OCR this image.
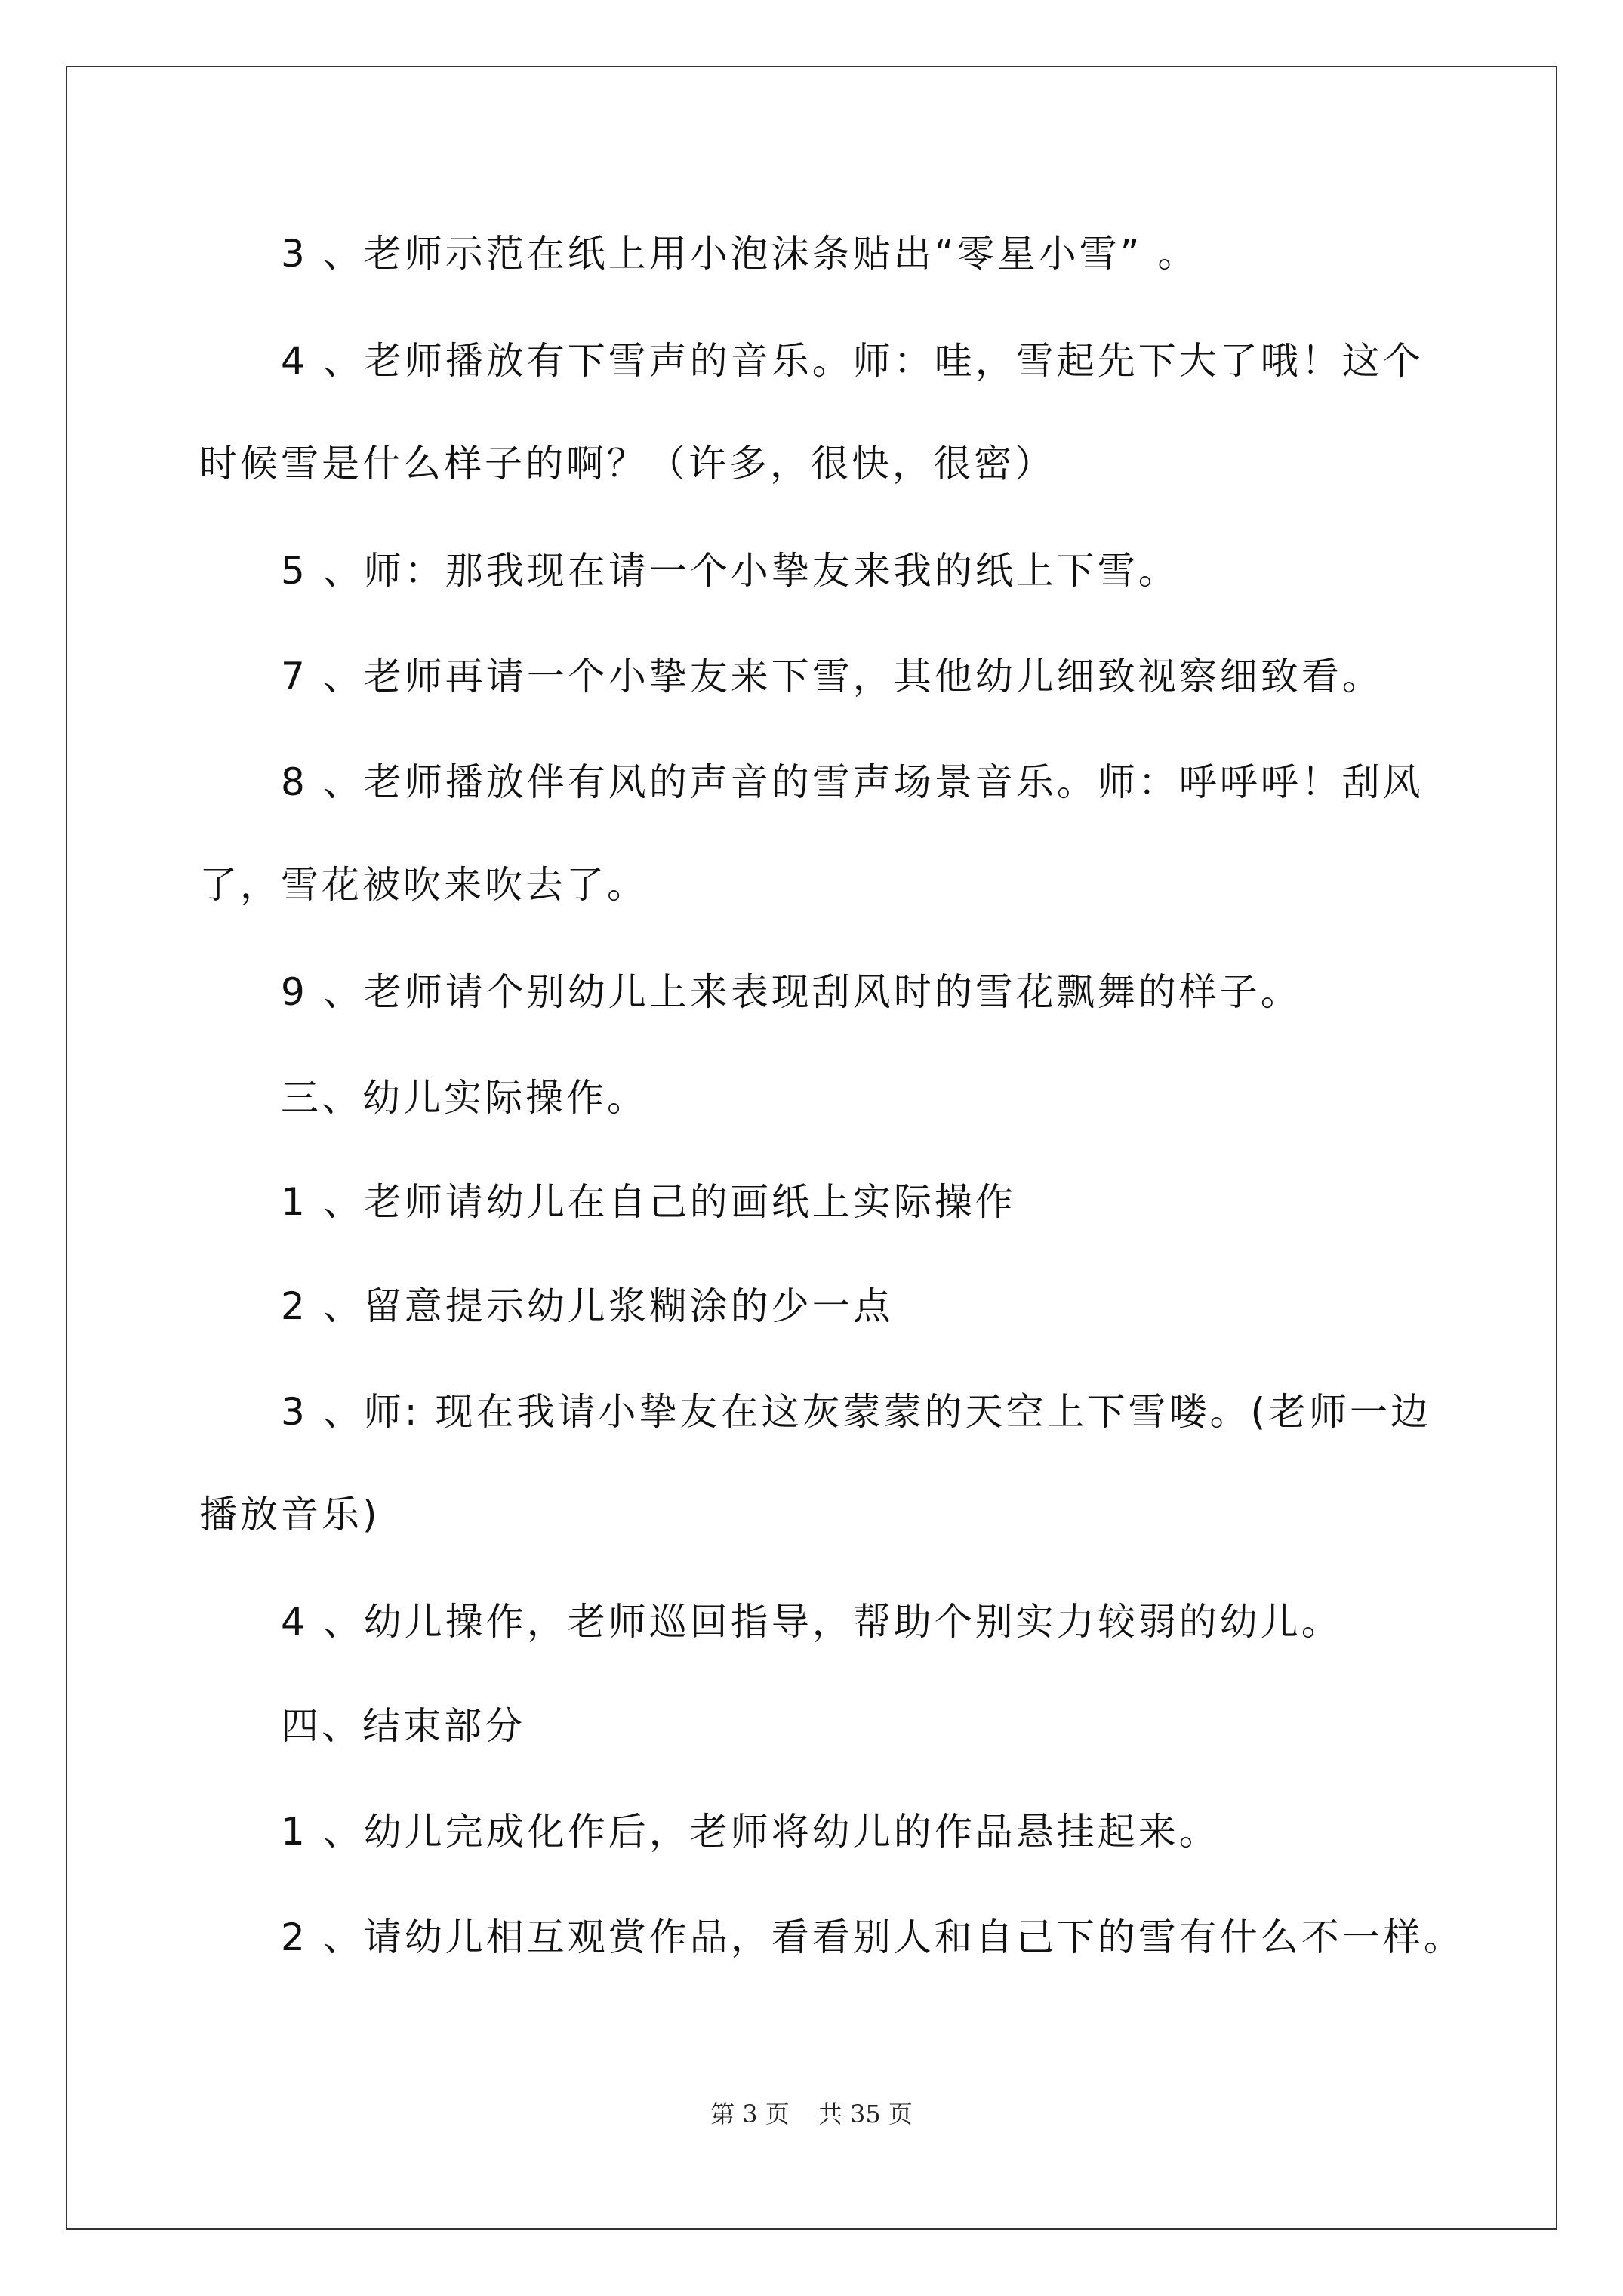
3 、老师示范在纸上用小泡沫条贴出“零星小雪” 。
4 、老师播放有下雪声的音乐。师：哇，雪起先下大了哦！这个
时候雪是什么样子的啊？（许多，很快，很密）
5 、师：那我现在请一个小挚友来我的纸上下雪。
7 、老师再请一个小挚友来下雪，其他幼儿细致视察细致看。
8 、老师播放伴有风的声音的雪声场景音乐。师：呼呼呼！刮风
了，雪花被吹来吹去了。
9 、老师请个别幼儿上来表现刮风时的雪花飘舞的样子。
三、幼儿实际操作。
1 、老师请幼儿在自己的画纸上实际操作
2 、留意提示幼儿浆糊涂的少一点
3 、师: 现在我请小挚友在这灰蒙蒙的天空上下雪喽。(老师一边
播放音乐)
4 、幼儿操作，老师巡回指导，帮助个别实力较弱的幼儿。
四、结束部分
1 、幼儿完成化作后，老师将幼儿的作品悬挂起来。
2 、请幼儿相互观赏作品，看看别人和自己下的雪有什么不一样。
第 3 页 共 35 页
